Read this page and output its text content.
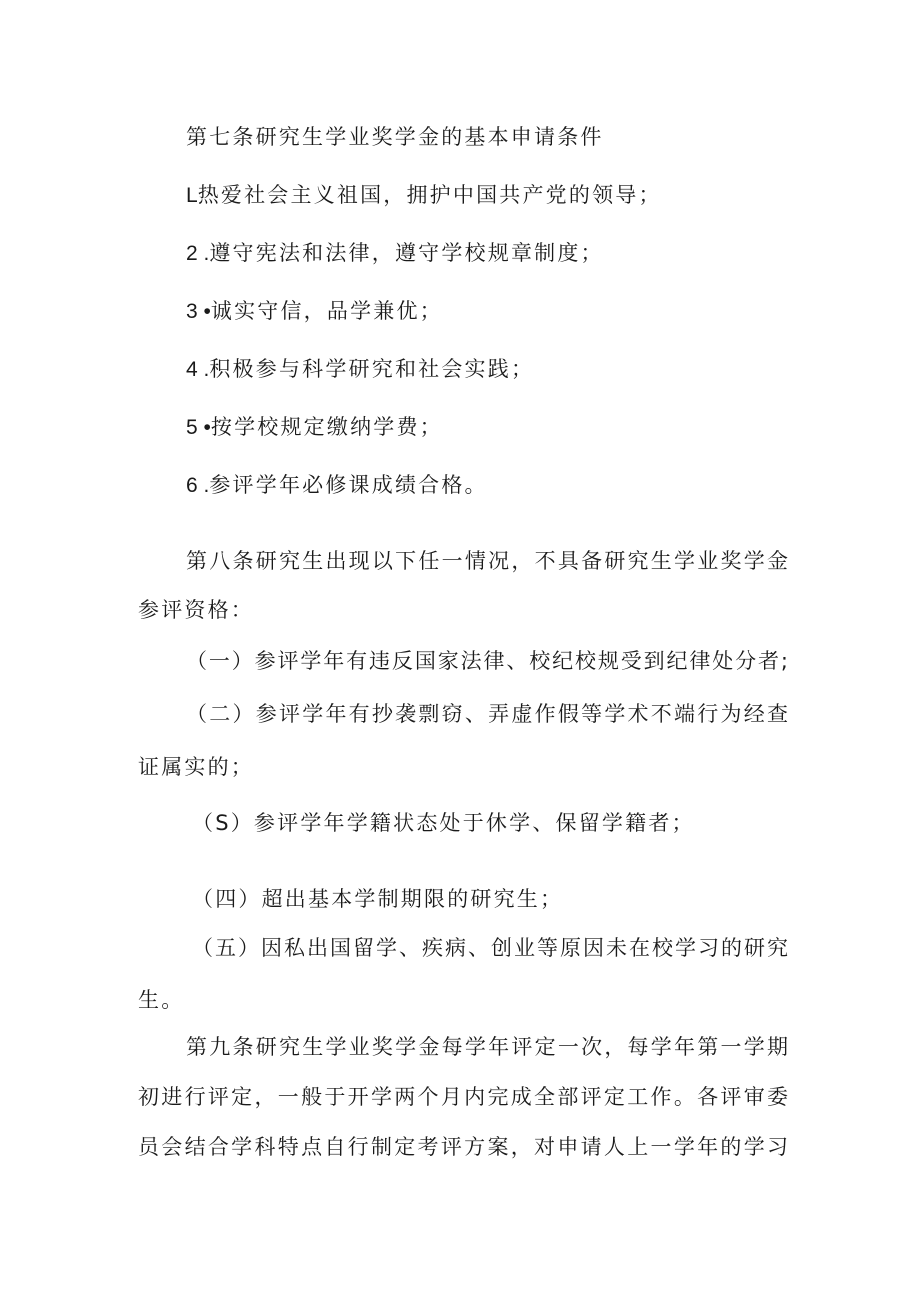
第七条研究生学业奖学金的基本申请条件
L热爱社会主义祖国，拥护中国共产党的领导；
2 .遵守宪法和法律，遵守学校规章制度；
3 •诚实守信，品学兼优；
4 .积极参与科学研究和社会实践；
5 •按学校规定缴纳学费；
6 .参评学年必修课成绩合格。
第八条研究生出现以下任一情况，不具备研究生学业奖学金
参评资格：
（一）参评学年有违反国家法律、校纪校规受到纪律处分者;
（二）参评学年有抄袭剽窃、弄虚作假等学术不端行为经查
证属实的；
（S）参评学年学籍状态处于休学、保留学籍者；
（四）超出基本学制期限的研究生；
（五）因私出国留学、疾病、创业等原因未在校学习的研究
生。
第九条研究生学业奖学金每学年评定一次，每学年第一学期
初进行评定，一般于开学两个月内完成全部评定工作。各评审委
员会结合学科特点自行制定考评方案，对申请人上一学年的学习
